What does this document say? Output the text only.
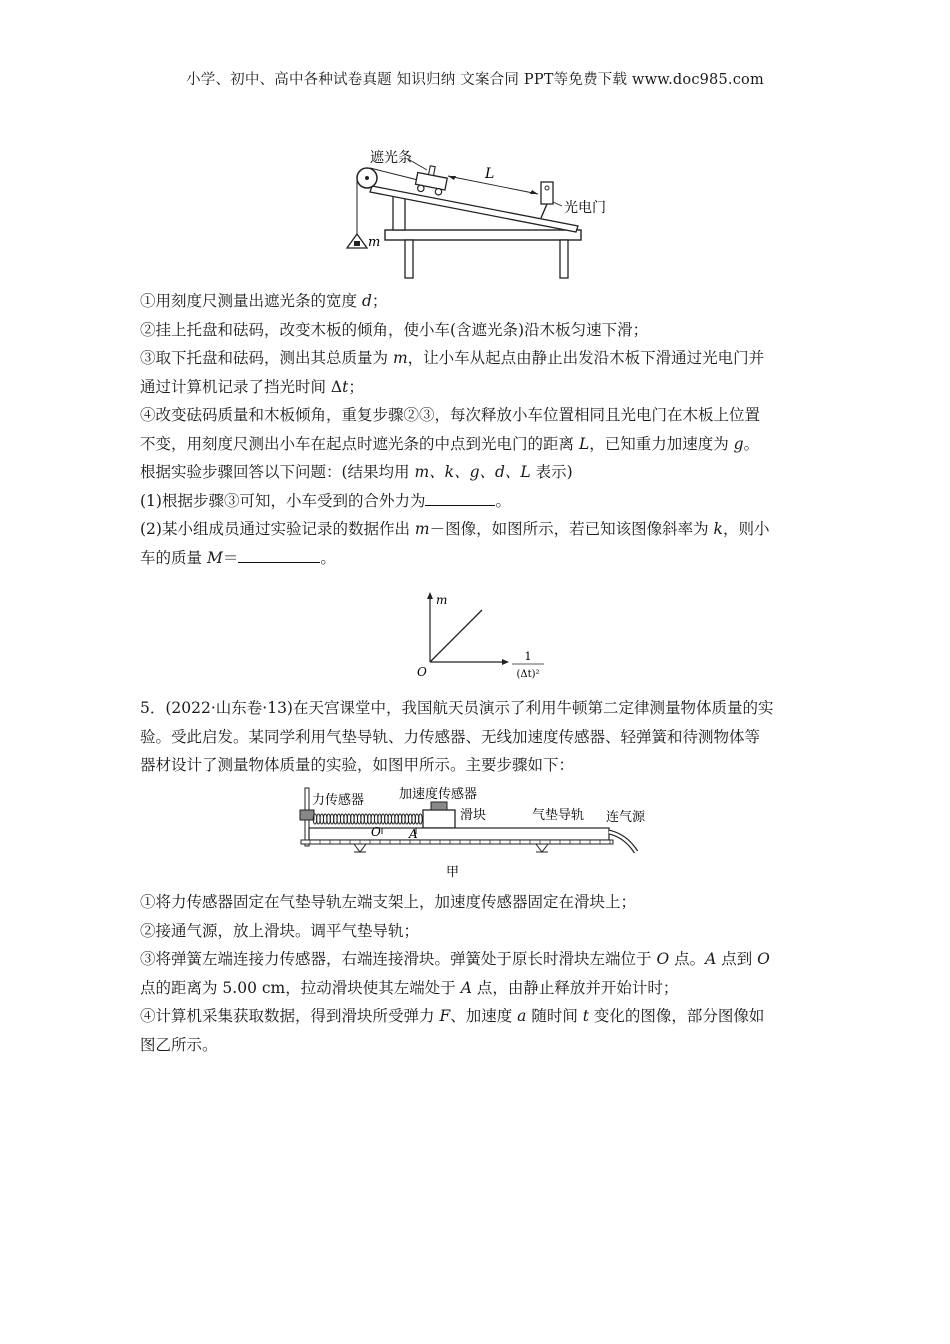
小学、初中、高中各种试卷真题 知识归纳 文案合同 PPT等免费下载 www.doc985.com
遮光条
L
光电门
m
①用刻度尺测量出遮光条的宽度 d；
②挂上托盘和砝码，改变木板的倾角，使小车(含遮光条)沿木板匀速下滑；
③取下托盘和砝码，测出其总质量为 m，让小车从起点由静止出发沿木板下滑通过光电门并
通过计算机记录了挡光时间 Δt；
④改变砝码质量和木板倾角，重复步骤②③，每次释放小车位置相同且光电门在木板上位置
不变，用刻度尺测出小车在起点时遮光条的中点到光电门的距离 L，已知重力加速度为 g。
根据实验步骤回答以下问题：(结果均用 m、k、g、d、L 表示)
(1)根据步骤③可知，小车受到的合外力为	。
(2)某小组成员通过实验记录的数据作出 m－图像，如图所示，若已知该图像斜率为 k，则小
车的质量 M＝	。
m
O
1
(Δt)²
5．(2022·山东卷·13)在天宫课堂中，我国航天员演示了利用牛顿第二定律测量物体质量的实
验。受此启发。某同学利用气垫导轨、力传感器、无线加速度传感器、轻弹簧和待测物体等
器材设计了测量物体质量的实验，如图甲所示。主要步骤如下：
力传感器	加速度传感器
滑块	气垫导轨 连气源
O A
甲
①将力传感器固定在气垫导轨左端支架上，加速度传感器固定在滑块上；
②接通气源，放上滑块。调平气垫导轨；
③将弹簧左端连接力传感器，右端连接滑块。弹簧处于原长时滑块左端位于 O 点。A 点到 O
点的距离为 5.00 cm，拉动滑块使其左端处于 A 点，由静止释放并开始计时；
④计算机采集获取数据，得到滑块所受弹力 F、加速度 a 随时间 t 变化的图像，部分图像如
图乙所示。
